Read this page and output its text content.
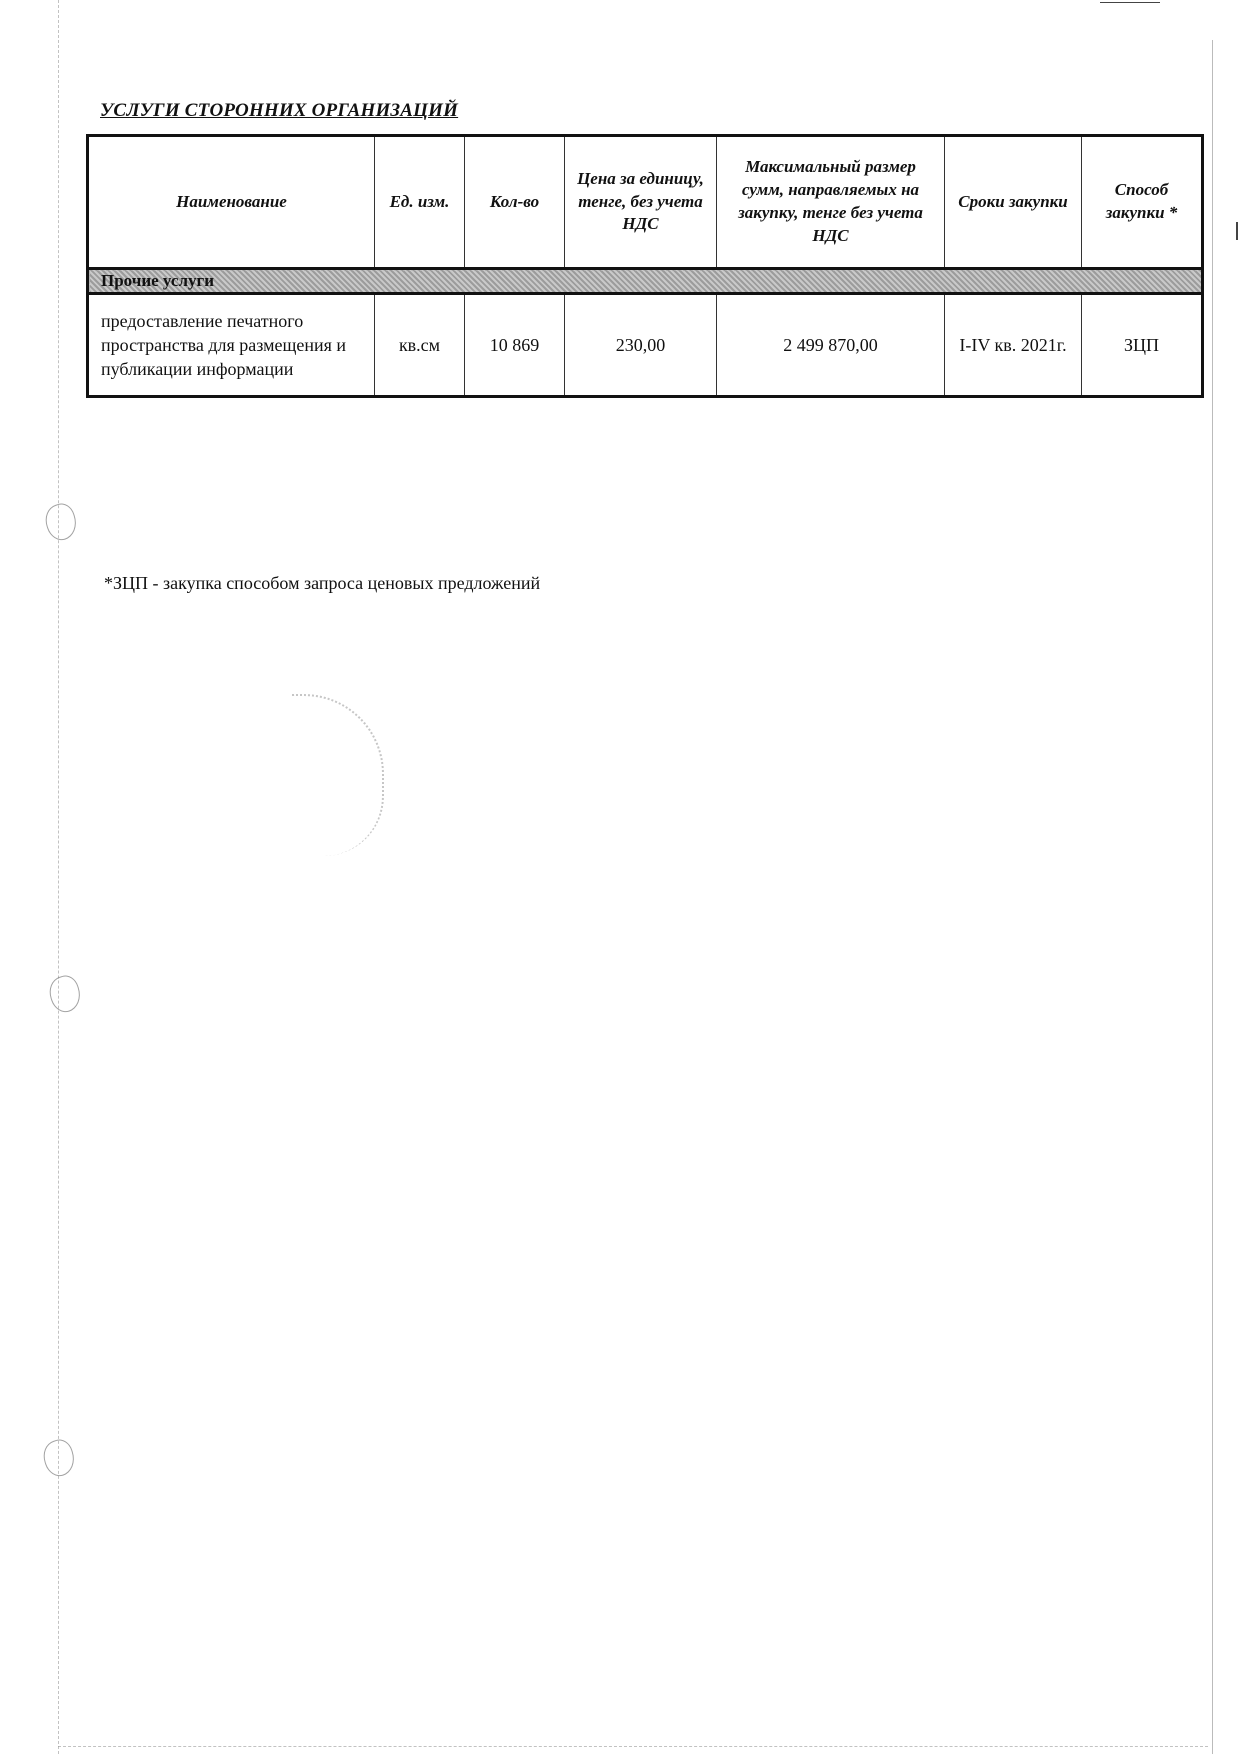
УСЛУГИ СТОРОННИХ ОРГАНИЗАЦИЙ
Наименование	Ед. изм.	Кол-во	Цена за единицу, тенге, без учета НДС	Максимальный размер сумм, направляемых на закупку, тенге без учета НДС	Сроки закупки	Способ закупки *
Прочие услуги						
предоставление печатного пространства для размещения и публикации информации	кв.см	10 869	230,00	2 499 870,00	I-IV кв. 2021г.	ЗЦП
*ЗЦП - закупка способом запроса ценовых предложений
